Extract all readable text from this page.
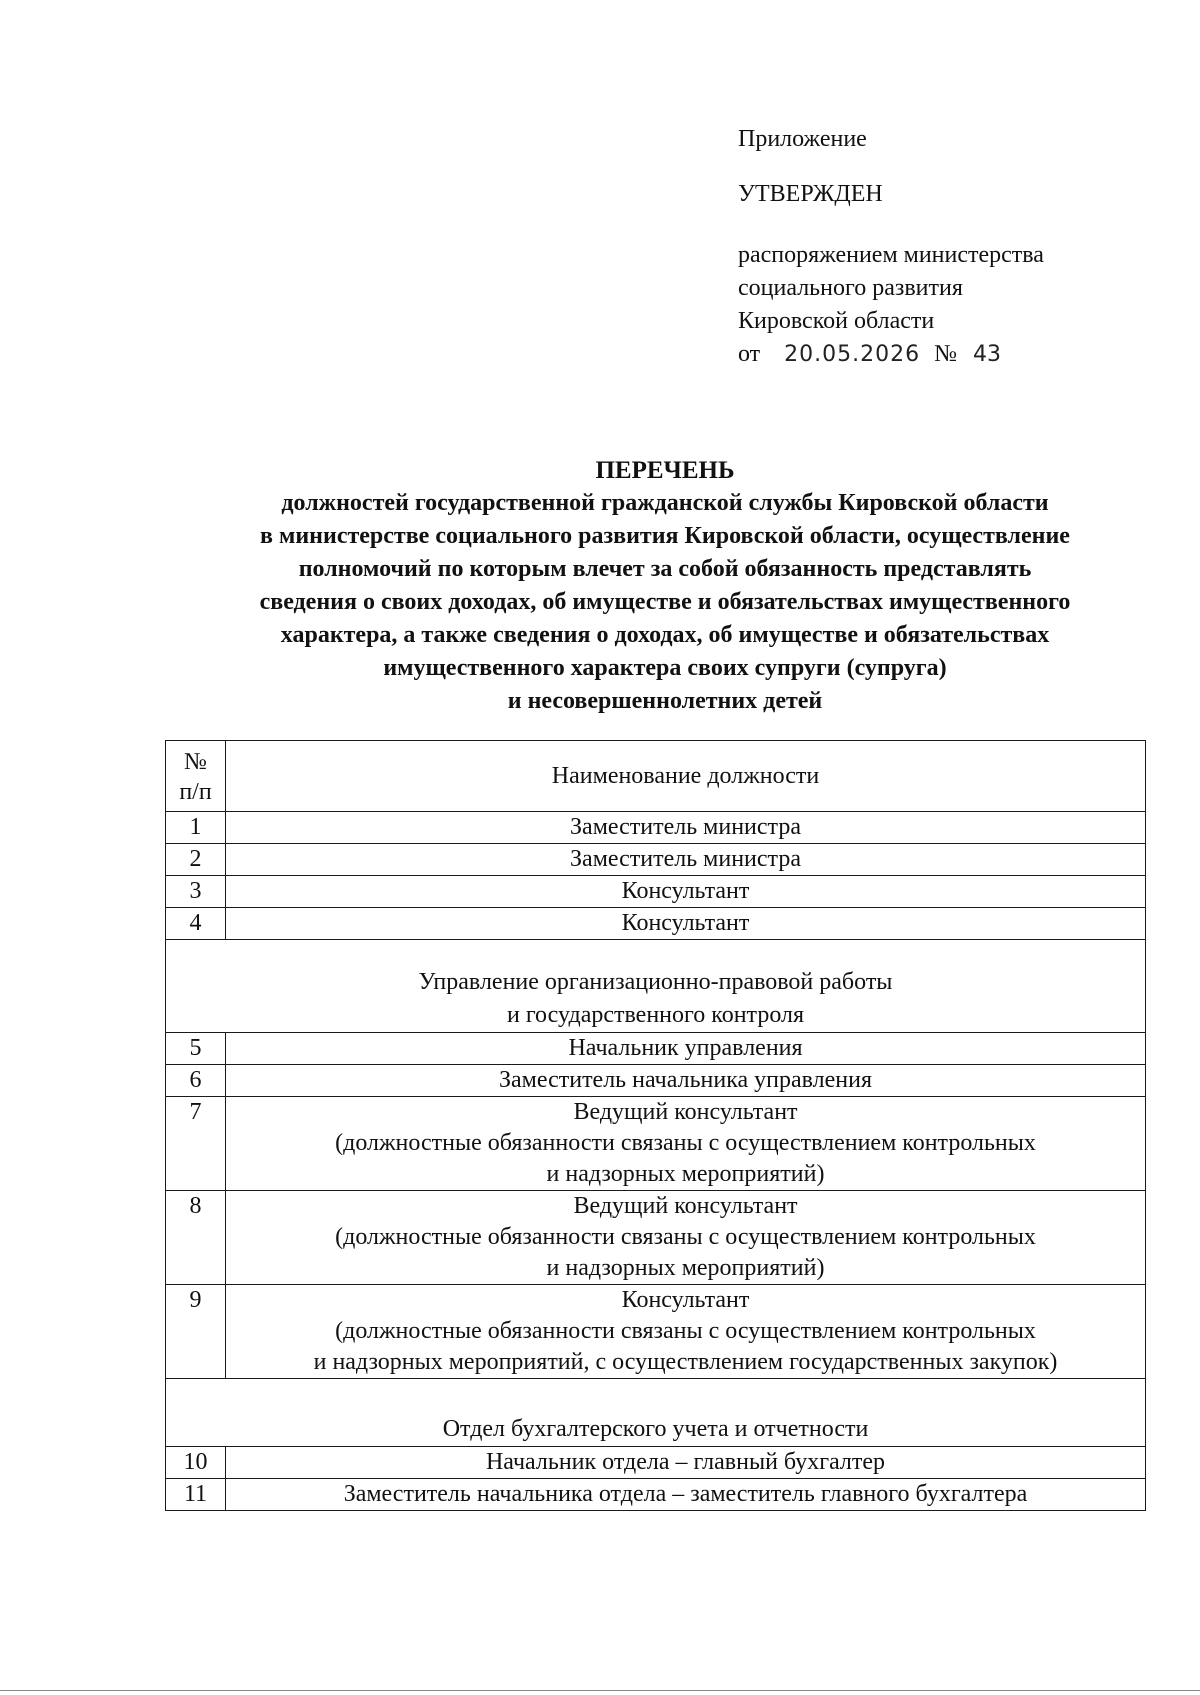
Приложение
УТВЕРЖДЕН
распоряжением министерства
социального развития
Кировской области
от 20.05.2026 № 43
ПЕРЕЧЕНЬ
должностей государственной гражданской службы Кировской области
в министерстве социального развития Кировской области, осуществление
полномочий по которым влечет за собой обязанность представлять
сведения о своих доходах, об имуществе и обязательствах имущественного
характера, а также сведения о доходах, об имуществе и обязательствах
имущественного характера своих супруги (супруга)
и несовершеннолетних детей
№
п/п	Наименование должности
1	Заместитель министра
2	Заместитель министра
3	Консультант
4	Консультант

Управление организационно-правовой работы
и государственного контроля	

5	Начальник управления
6	Заместитель начальника управления
7	Ведущий консультант
(должностные обязанности связаны с осуществлением контрольных
и надзорных мероприятий)

8	Ведущий консультант
(должностные обязанности связаны с осуществлением контрольных
и надзорных мероприятий)

9	Консультант
(должностные обязанности связаны с осуществлением контрольных
и надзорных мероприятий, с осуществлением государственных закупок)

Отдел бухгалтерского учета и отчетности	
10	Начальник отдела – главный бухгалтер
11	Заместитель начальника отдела – заместитель главного бухгалтера
